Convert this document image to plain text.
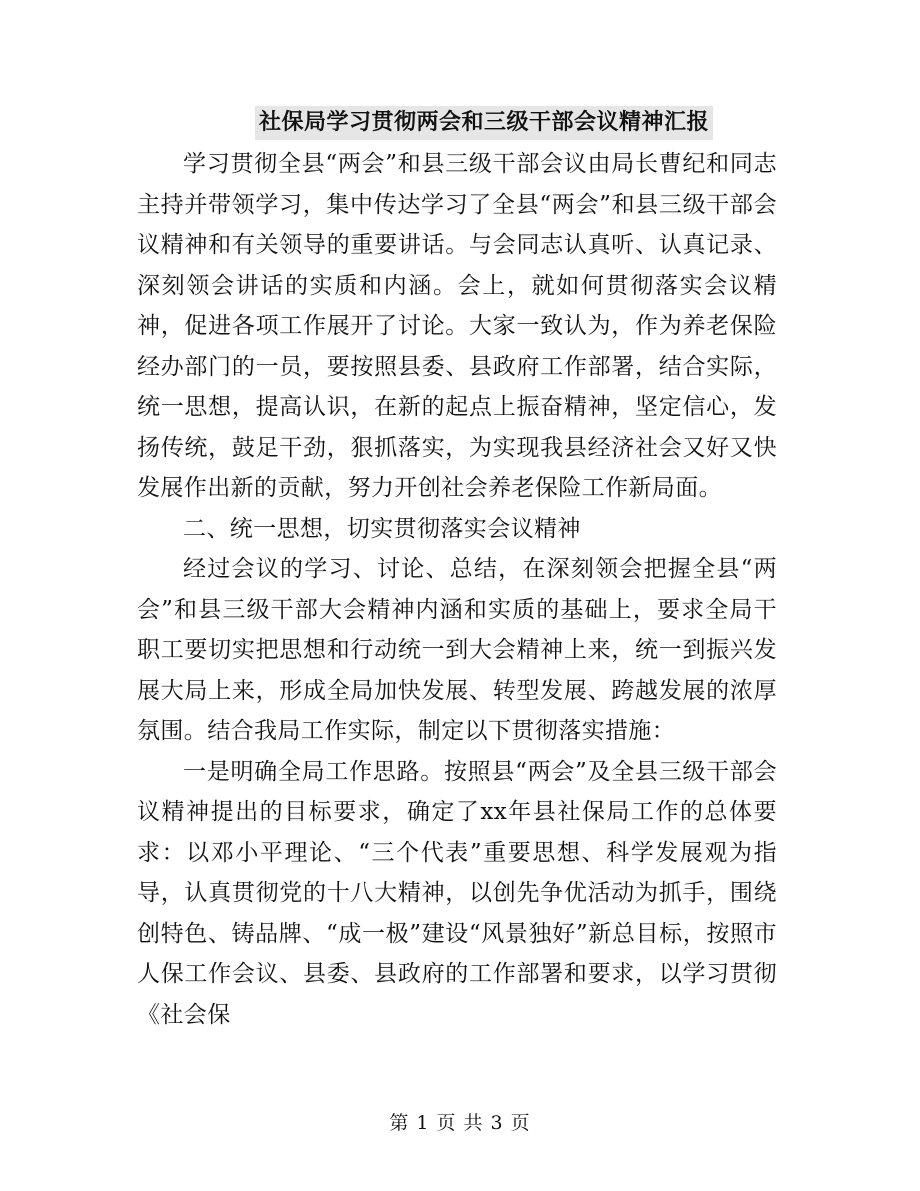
社保局学习贯彻两会和三级干部会议精神汇报

学习贯彻全县“两会”和县三级干部会议由局长曹纪和同志主持并带领学习，集中传达学习了全县“两会”和县三级干部会议精神和有关领导的重要讲话。与会同志认真听、认真记录、深刻领会讲话的实质和内涵。会上，就如何贯彻落实会议精神，促进各项工作展开了讨论。大家一致认为，作为养老保险经办部门的一员，要按照县委、县政府工作部署，结合实际，统一思想，提高认识，在新的起点上振奋精神，坚定信心，发扬传统，鼓足干劲，狠抓落实，为实现我县经济社会又好又快发展作出新的贡献，努力开创社会养老保险工作新局面。

二、统一思想，切实贯彻落实会议精神

经过会议的学习、讨论、总结，在深刻领会把握全县“两会”和县三级干部大会精神内涵和实质的基础上，要求全局干职工要切实把思想和行动统一到大会精神上来，统一到振兴发展大局上来，形成全局加快发展、转型发展、跨越发展的浓厚氛围。结合我局工作实际，制定以下贯彻落实措施：

一是明确全局工作思路。按照县“两会”及全县三级干部会议精神提出的目标要求，确定了xx年县社保局工作的总体要求：以邓小平理论、“三个代表”重要思想、科学发展观为指导，认真贯彻党的十八大精神，以创先争优活动为抓手，围绕创特色、铸品牌、“成一极”建设“风景独好”新总目标，按照市人保工作会议、县委、县政府的工作部署和要求，以学习贯彻《社会保

第 1 页 共 3 页
